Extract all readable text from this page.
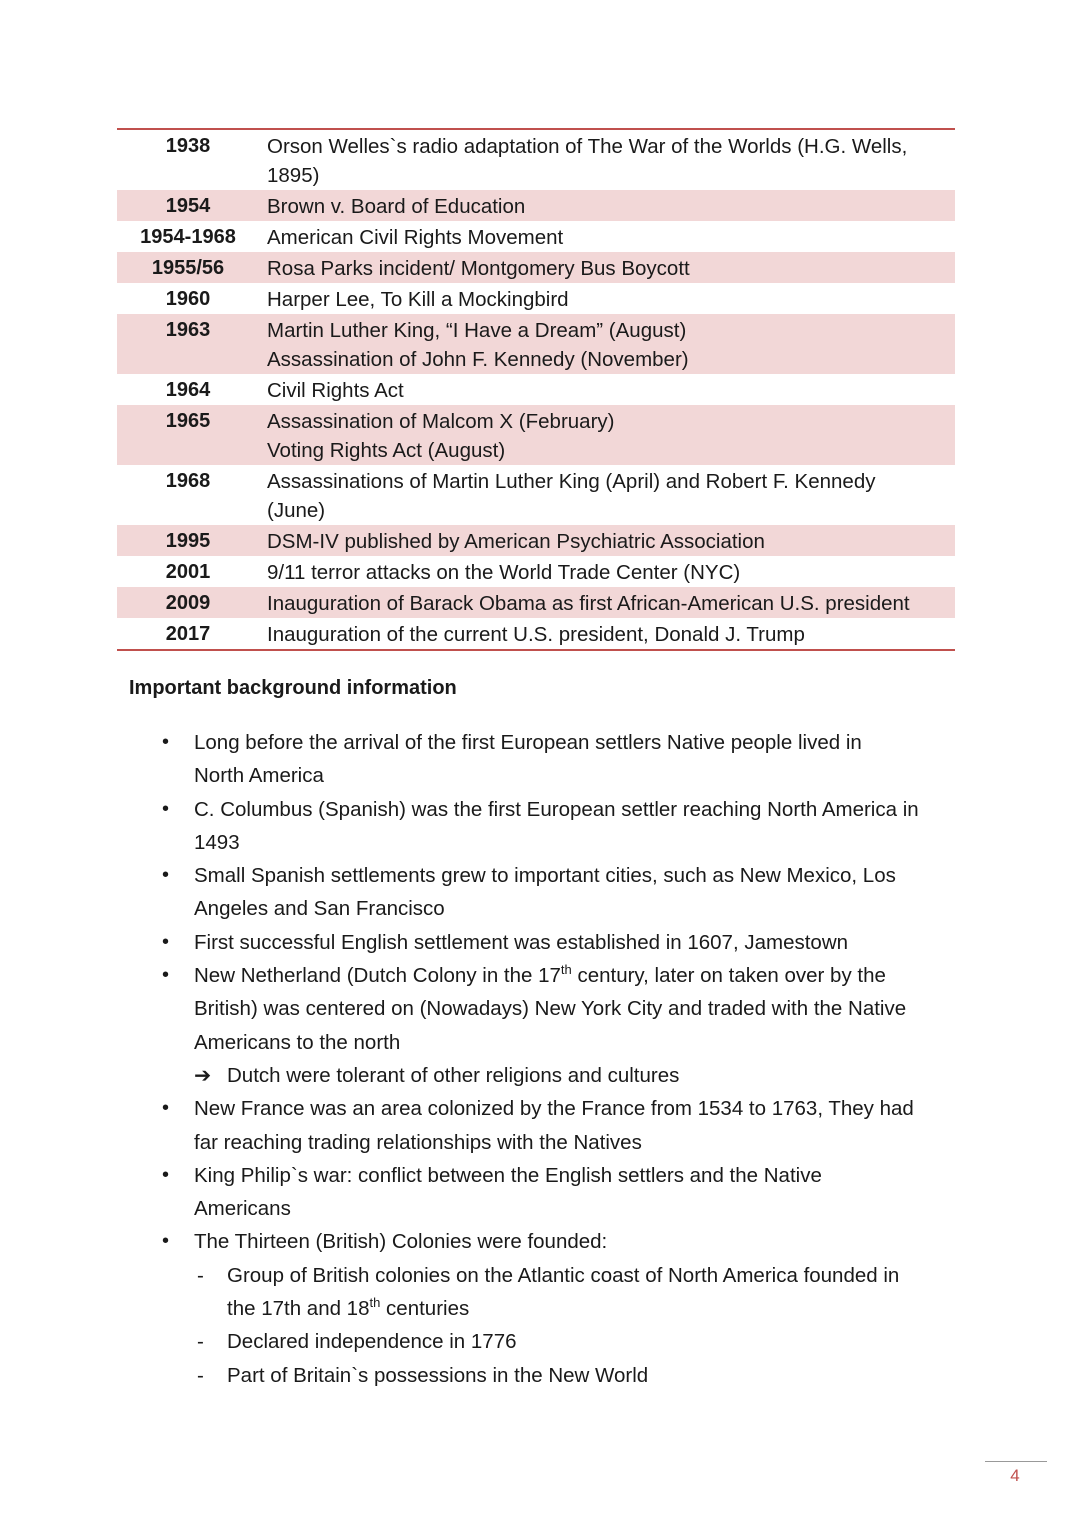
1938	Orson Welles`s radio adaptation of The War of the Worlds (H.G. Wells,
1895)
1954	Brown v. Board of Education
1954-1968	American Civil Rights Movement
1955/56	Rosa Parks incident/ Montgomery Bus Boycott
1960	Harper Lee, To Kill a Mockingbird
1963	Martin Luther King, “I Have a Dream” (August)
Assassination of John F. Kennedy (November)
1964	Civil Rights Act
1965	Assassination of Malcom X (February)
Voting Rights Act (August)
1968	Assassinations of Martin Luther King (April) and Robert F. Kennedy
(June)
1995	DSM-IV published by American Psychiatric Association
2001	9/11 terror attacks on the World Trade Center (NYC)
2009	Inauguration of Barack Obama as first African-American U.S. president
2017	Inauguration of the current U.S. president, Donald J. Trump
Important background information
• Long before the arrival of the first European settlers Native people lived in
North America
• C. Columbus (Spanish) was the first European settler reaching North America in
1493
• Small Spanish settlements grew to important cities, such as New Mexico, Los
Angeles and San Francisco
• First successful English settlement was established in 1607, Jamestown
• New Netherland (Dutch Colony in the 17th century, later on taken over by the
British) was centered on (Nowadays) New York City and traded with the Native
Americans to the north
➔ Dutch were tolerant of other religions and cultures
• New France was an area colonized by the France from 1534 to 1763, They had
far reaching trading relationships with the Natives
• King Philip`s war: conflict between the English settlers and the Native
Americans
• The Thirteen (British) Colonies were founded:
- Group of British colonies on the Atlantic coast of North America founded in
the 17th and 18th centuries
- Declared independence in 1776
- Part of Britain`s possessions in the New World
4
